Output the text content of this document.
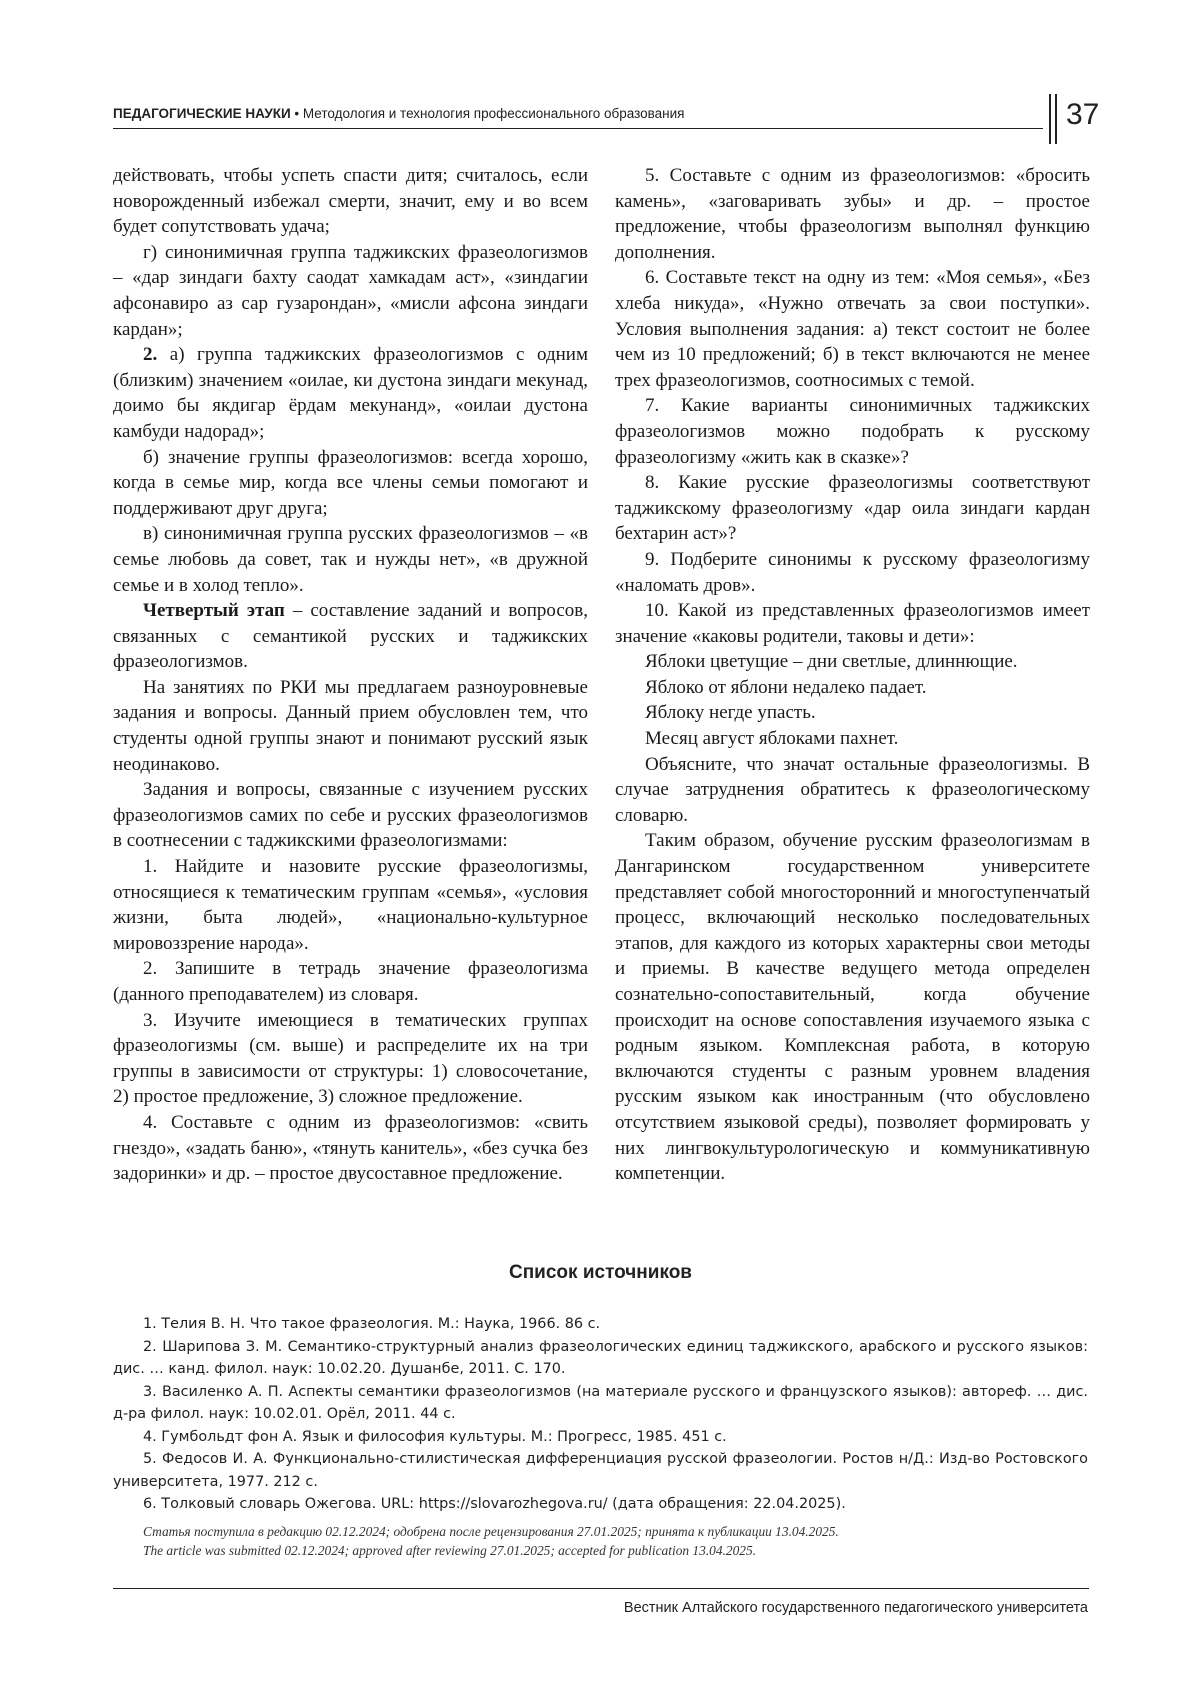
ПЕДАГОГИЧЕСКИЕ НАУКИ • Методология и технология профессионального образования	37

действовать, чтобы успеть спасти дитя; считалось, если новорожденный избежал смерти, значит, ему и во всем будет сопутствовать удача;

г) синонимичная группа таджикских фразеологизмов – «дар зиндаги бахту саодат хамкадам аст», «зиндагии афсонавиро аз сар гузарондан», «мисли афсона зиндаги кардан»;

2. а) группа таджикских фразеологизмов с одним (близким) значением «оилае, ки дустона зиндаги мекунад, доимо бы якдигар ёрдам мекунанд», «оилаи дустона камбуди надорад»;

б) значение группы фразеологизмов: всегда хорошо, когда в семье мир, когда все члены семьи помогают и поддерживают друг друга;

в) синонимичная группа русских фразеологизмов – «в семье любовь да совет, так и нужды нет», «в дружной семье и в холод тепло».

Четвертый этап – составление заданий и вопросов, связанных с семантикой русских и таджикских фразеологизмов.

На занятиях по РКИ мы предлагаем разноуровневые задания и вопросы. Данный прием обусловлен тем, что студенты одной группы знают и понимают русский язык неодинаково.

Задания и вопросы, связанные с изучением русских фразеологизмов самих по себе и русских фразеологизмов в соотнесении с таджикскими фразеологизмами:

1. Найдите и назовите русские фразеологизмы, относящиеся к тематическим группам «семья», «условия жизни, быта людей», «национально-культурное мировоззрение народа».

2. Запишите в тетрадь значение фразеологизма (данного преподавателем) из словаря.

3. Изучите имеющиеся в тематических группах фразеологизмы (см. выше) и распределите их на три группы в зависимости от структуры: 1) словосочетание, 2) простое предложение, 3) сложное предложение.

4. Составьте с одним из фразеологизмов: «свить гнездо», «задать баню», «тянуть канитель», «без сучка без задоринки» и др. – простое двусоставное предложение.

5. Составьте с одним из фразеологизмов: «бросить камень», «заговаривать зубы» и др. – простое предложение, чтобы фразеологизм выполнял функцию дополнения.

6. Составьте текст на одну из тем: «Моя семья», «Без хлеба никуда», «Нужно отвечать за свои поступки». Условия выполнения задания: а) текст состоит не более чем из 10 предложений; б) в текст включаются не менее трех фразеологизмов, соотносимых с темой.

7. Какие варианты синонимичных таджикских фразеологизмов можно подобрать к русскому фразеологизму «жить как в сказке»?

8. Какие русские фразеологизмы соответствуют таджикскому фразеологизму «дар оила зиндаги кардан бехтарин аст»?

9. Подберите синонимы к русскому фразеологизму «наломать дров».

10. Какой из представленных фразеологизмов имеет значение «каковы родители, таковы и дети»:

Яблоки цветущие – дни светлые, длиннющие.

Яблоко от яблони недалеко падает.

Яблоку негде упасть.

Месяц август яблоками пахнет.

Объясните, что значат остальные фразеологизмы. В случае затруднения обратитесь к фразеологическому словарю.

Таким образом, обучение русским фразеологизмам в Дангаринском государственном университете представляет собой многосторонний и многоступенчатый процесс, включающий несколько последовательных этапов, для каждого из которых характерны свои методы и приемы. В качестве ведущего метода определен сознательно-сопоставительный, когда обучение происходит на основе сопоставления изучаемого языка с родным языком. Комплексная работа, в которую включаются студенты с разным уровнем владения русским языком как иностранным (что обусловлено отсутствием языковой среды), позволяет формировать у них лингвокультурологическую и коммуникативную компетенции.

Список источников

1. Телия В. Н. Что такое фразеология. М.: Наука, 1966. 86 с.

2. Шарипова З. М. Семантико-структурный анализ фразеологических единиц таджикского, арабского и русского языков: дис. … канд. филол. наук: 10.02.20. Душанбе, 2011. С. 170.

3. Василенко А. П. Аспекты семантики фразеологизмов (на материале русского и французского языков): автореф. … дис. д-ра филол. наук: 10.02.01. Орёл, 2011. 44 с.

4. Гумбольдт фон А. Язык и философия культуры. М.: Прогресс, 1985. 451 с.

5. Федосов И. А. Функционально-стилистическая дифференциация русской фразеологии. Ростов н/Д.: Изд-во Ростовского университета, 1977. 212 с.

6. Толковый словарь Ожегова. URL: https://slovarozhegova.ru/ (дата обращения: 22.04.2025).

Статья поступила в редакцию 02.12.2024; одобрена после рецензирования 27.01.2025; принята к публикации 13.04.2025.

The article was submitted 02.12.2024; approved after reviewing 27.01.2025; accepted for publication 13.04.2025.

Вестник Алтайского государственного педагогического университета
